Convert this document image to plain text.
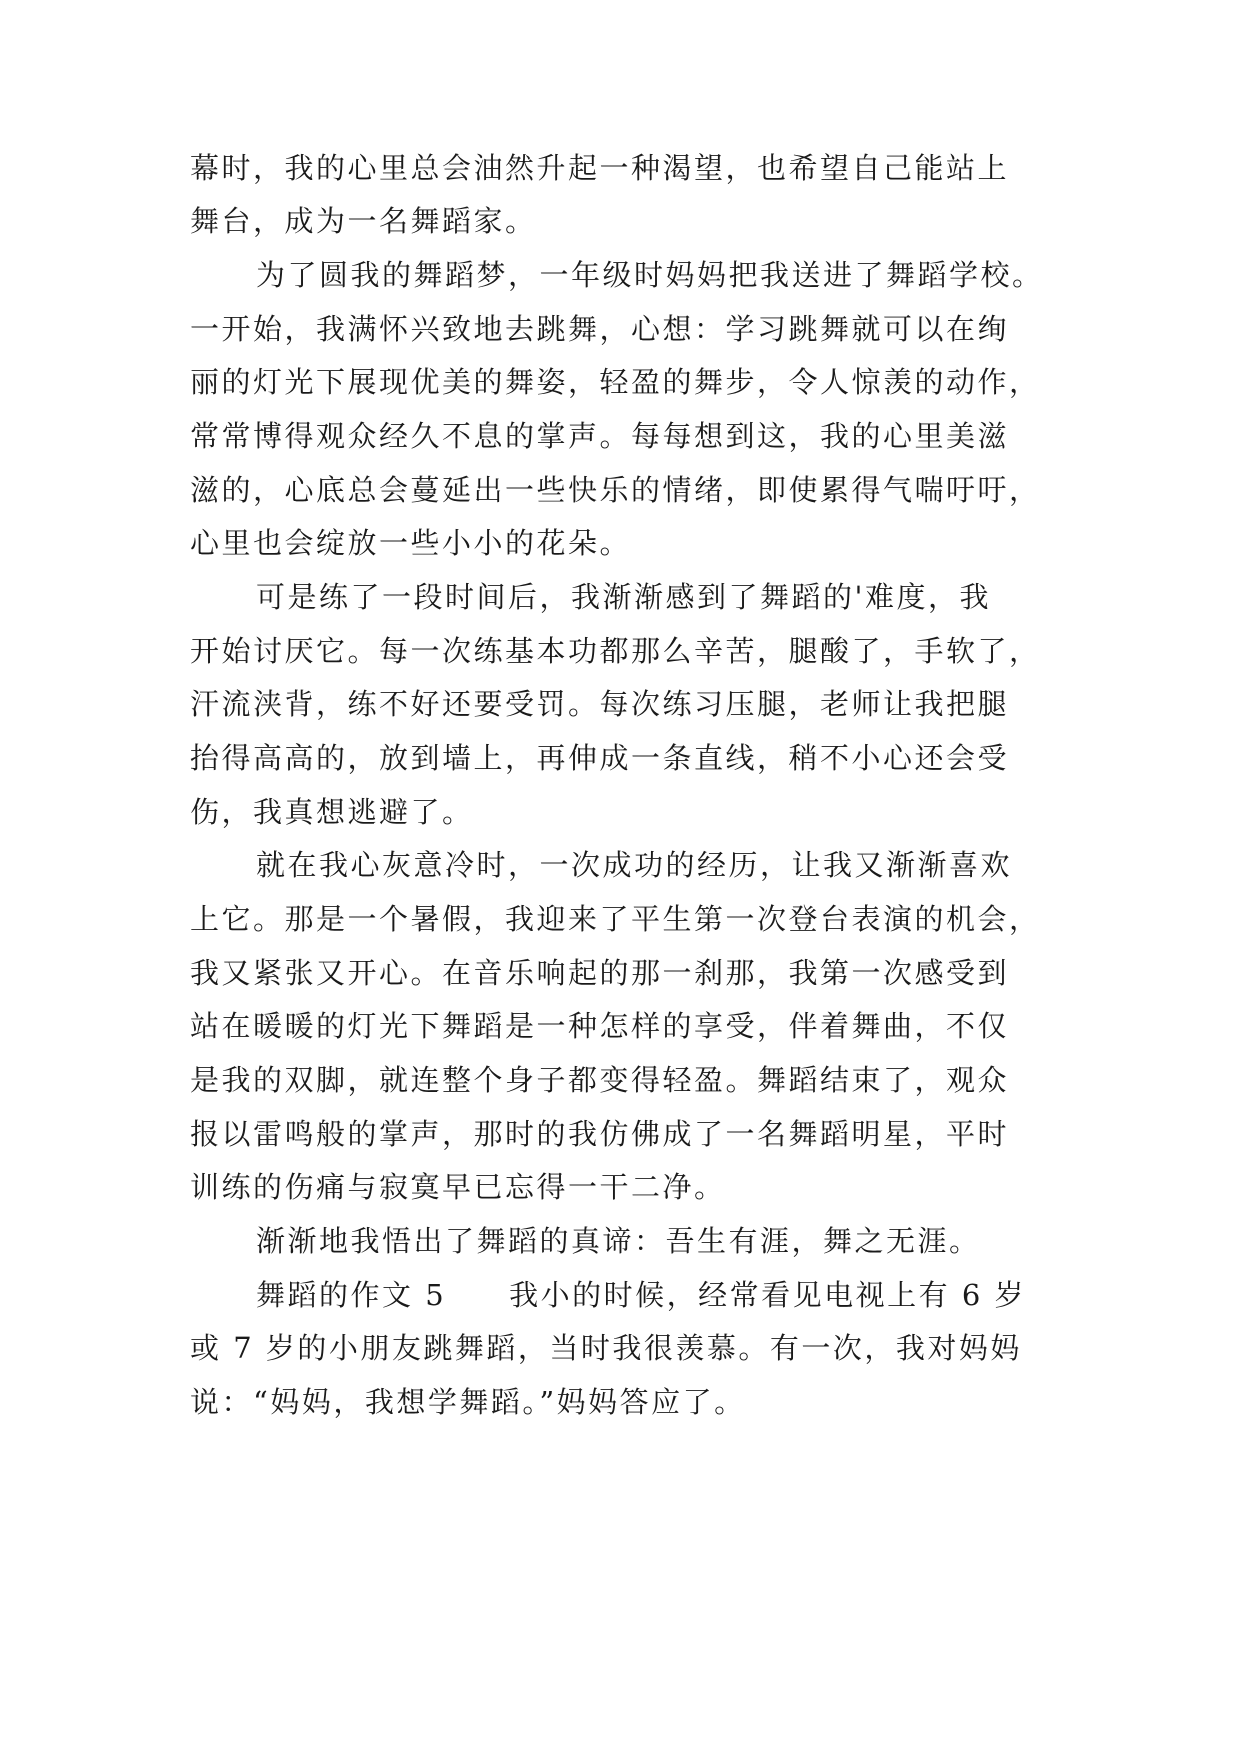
幕时，我的心里总会油然升起一种渴望，也希望自己能站上
舞台，成为一名舞蹈家。
为了圆我的舞蹈梦，一年级时妈妈把我送进了舞蹈学校。
一开始，我满怀兴致地去跳舞，心想：学习跳舞就可以在绚
丽的灯光下展现优美的舞姿，轻盈的舞步，令人惊羡的动作，
常常博得观众经久不息的掌声。每每想到这，我的心里美滋
滋的，心底总会蔓延出一些快乐的情绪，即使累得气喘吁吁，
心里也会绽放一些小小的花朵。
可是练了一段时间后，我渐渐感到了舞蹈的'难度，我
开始讨厌它。每一次练基本功都那么辛苦，腿酸了，手软了，
汗流浃背，练不好还要受罚。每次练习压腿，老师让我把腿
抬得高高的，放到墙上，再伸成一条直线，稍不小心还会受
伤，我真想逃避了。
就在我心灰意冷时，一次成功的经历，让我又渐渐喜欢
上它。那是一个暑假，我迎来了平生第一次登台表演的机会，
我又紧张又开心。在音乐响起的那一刹那，我第一次感受到
站在暖暖的灯光下舞蹈是一种怎样的享受，伴着舞曲，不仅
是我的双脚，就连整个身子都变得轻盈。舞蹈结束了，观众
报以雷鸣般的掌声，那时的我仿佛成了一名舞蹈明星，平时
训练的伤痛与寂寞早已忘得一干二净。
渐渐地我悟出了舞蹈的真谛：吾生有涯，舞之无涯。
舞蹈的作文 5　　我小的时候，经常看见电视上有 6 岁
或 7 岁的小朋友跳舞蹈，当时我很羡慕。有一次，我对妈妈
说：“妈妈，我想学舞蹈。”妈妈答应了。
